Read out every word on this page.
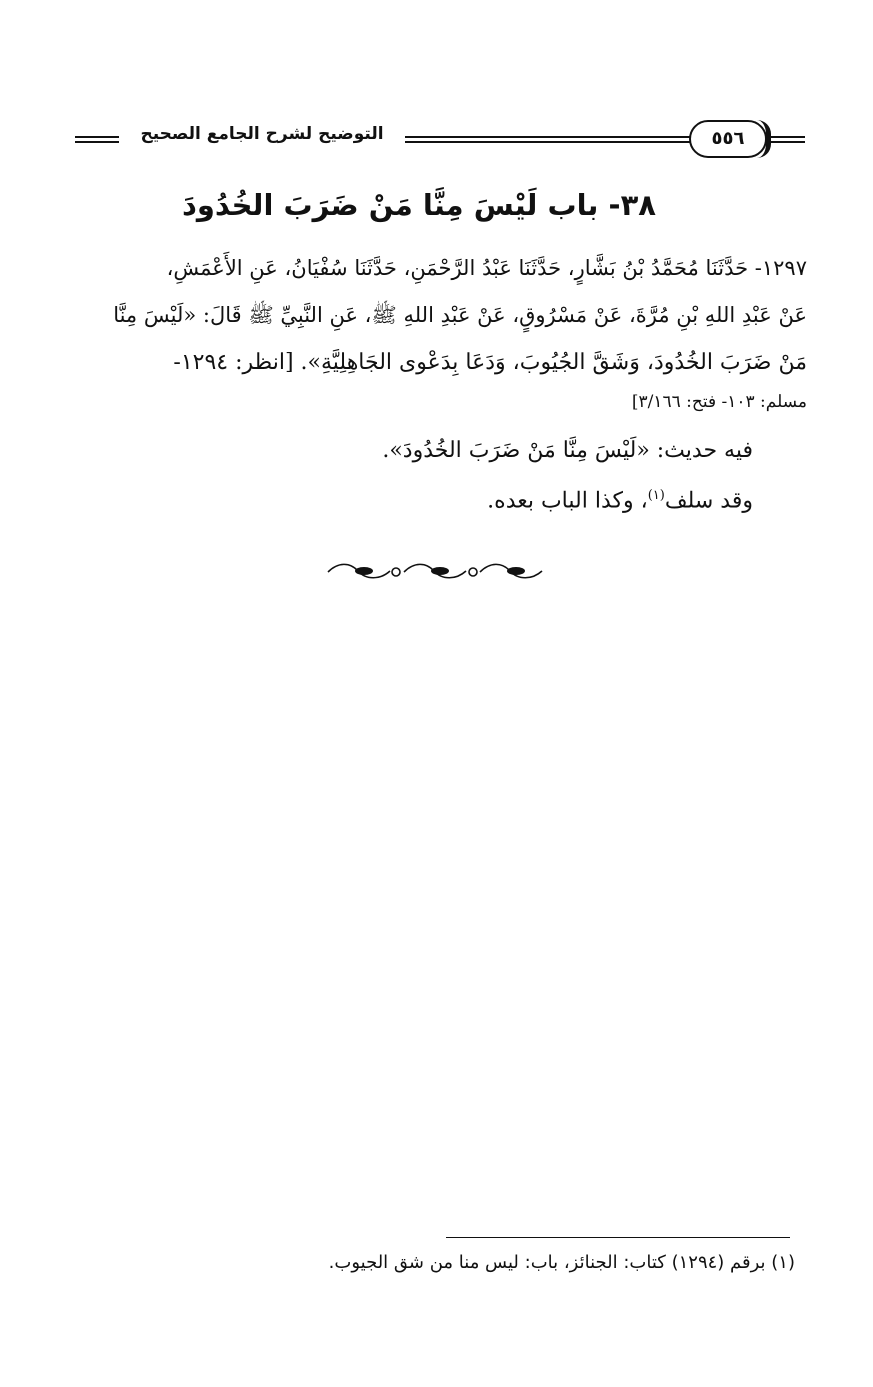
التوضيح لشرح الجامع الصحيح	٥٥٦
٣٨- باب لَيْسَ مِنَّا مَنْ ضَرَبَ الخُدُودَ
١٢٩٧- حَدَّثَنَا مُحَمَّدُ بْنُ بَشَّارٍ، حَدَّثَنَا عَبْدُ الرَّحْمَنِ، حَدَّثَنَا سُفْيَانُ، عَنِ الأَعْمَشِ،
عَنْ عَبْدِ اللهِ بْنِ مُرَّةَ، عَنْ مَسْرُوقٍ، عَنْ عَبْدِ اللهِ ﷺ، عَنِ النَّبِيِّ ﷺ قَالَ: «لَيْسَ مِنَّا
مَنْ ضَرَبَ الخُدُودَ، وَشَقَّ الجُيُوبَ، وَدَعَا بِدَعْوى الجَاهِلِيَّةِ». [انظر: ١٢٩٤-
مسلم: ١٠٣- فتح: ٣/١٦٦]
فيه حديث: «لَيْسَ مِنَّا مَنْ ضَرَبَ الخُدُودَ».
وقد سلف$^{(١)}$، وكذا الباب بعده.
(١) برقم (١٢٩٤) كتاب: الجنائز، باب: ليس منا من شق الجيوب.
